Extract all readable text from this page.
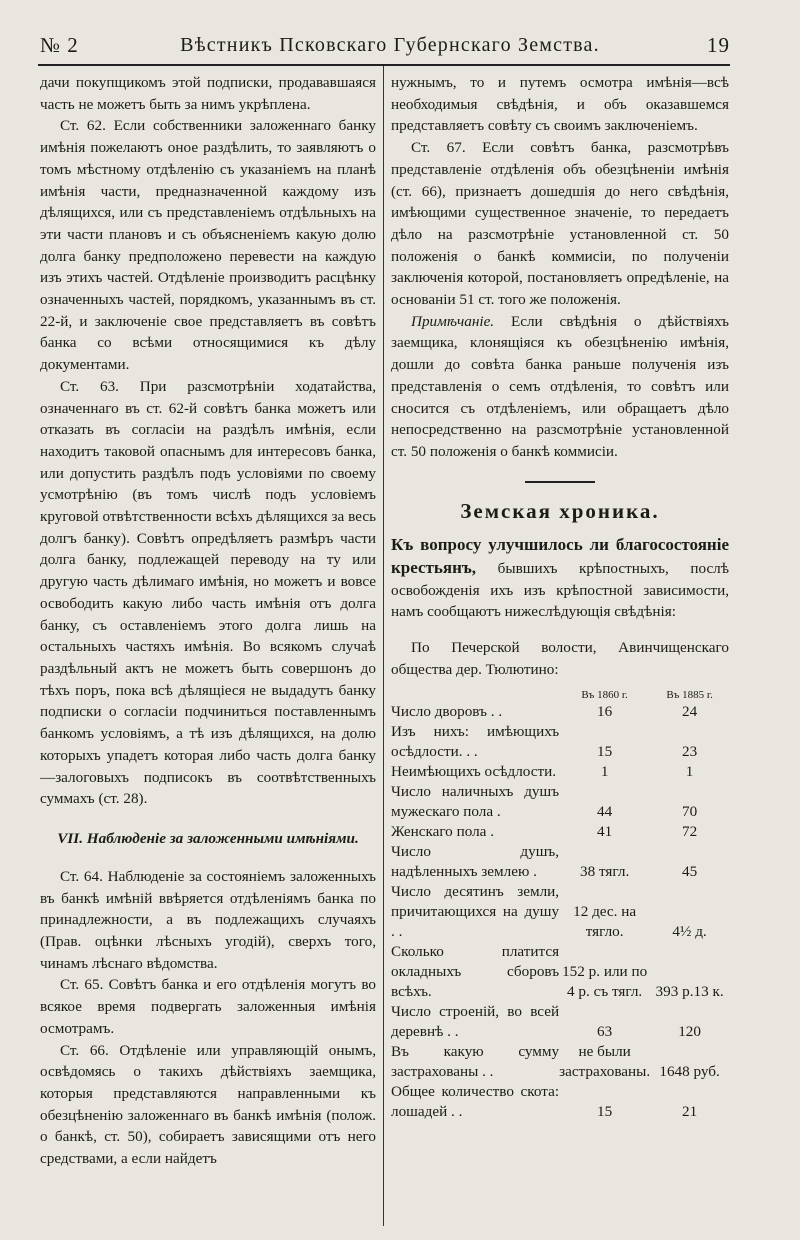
№ 2	Вѣстникъ Псковскаго Губернскаго Земства.	19

дачи покупщикомъ этой подписки, продававшаяся часть не можетъ быть за нимъ укрѣплена.

Ст. 62. Если собственники заложеннаго банку имѣнія пожелаютъ оное раздѣлить, то заявляютъ о томъ мѣстному отдѣленію съ указаніемъ на планѣ имѣнія части, предназначенной каждому изъ дѣлящихся, или съ представленіемъ отдѣльныхъ на эти части плановъ и съ объясненіемъ какую долю долга банку предположено перевести на каждую изъ этихъ частей. Отдѣленіе производитъ расцѣнку означенныхъ частей, порядкомъ, указаннымъ въ ст. 22-й, и заключеніе свое представляетъ въ совѣтъ банка со всѣми относящимися къ дѣлу документами.

Ст. 63. При разсмотрѣніи ходатайства, означеннаго въ ст. 62-й совѣтъ банка можетъ или отказать въ согласіи на раздѣлъ имѣнія, если находитъ таковой опаснымъ для интересовъ банка, или допустить раздѣлъ подъ условіями по своему усмотрѣнію (въ томъ числѣ подъ условіемъ круговой отвѣтственности всѣхъ дѣлящихся за весь долгъ банку). Совѣтъ опредѣляетъ размѣръ части долга банку, подлежащей переводу на ту или другую часть дѣлимаго имѣнія, но можетъ и вовсе освободить какую либо часть имѣнія отъ долга банку, съ оставленіемъ этого долга лишь на остальныхъ частяхъ имѣнія. Во всякомъ случаѣ раздѣльный актъ не можетъ быть совершонъ до тѣхъ поръ, пока всѣ дѣлящіеся не выдадутъ банку подписки о согласіи подчиниться поставленнымъ банкомъ условіямъ, а тѣ изъ дѣлящихся, на долю которыхъ упадетъ которая либо часть долга банку—залоговыхъ подписокъ въ соотвѣтственныхъ суммахъ (ст. 28).

VII. Наблюденіе за заложенными имѣніями.

Ст. 64. Наблюденіе за состояніемъ заложенныхъ въ банкѣ имѣній ввѣряется отдѣленіямъ банка по принадлежности, а въ подлежащихъ случаяхъ (Прав. оцѣнки лѣсныхъ угодій), сверхъ того, чинамъ лѣснаго вѣдомства.

Ст. 65. Совѣтъ банка и его отдѣленія могутъ во всякое время подвергать заложенныя имѣнія осмотрамъ.

Ст. 66. Отдѣленіе или управляющій онымъ, освѣдомясь о такихъ дѣйствіяхъ заемщика, которыя представляются направленными къ обезцѣненію заложеннаго въ банкѣ имѣнія (полож. о банкѣ, ст. 50), собираетъ зависящими отъ него средствами, а если найдетъ

нужнымъ, то и путемъ осмотра имѣнія—всѣ необходимыя свѣдѣнія, и объ оказавшемся представляетъ совѣту съ своимъ заключеніемъ.

Ст. 67. Если совѣтъ банка, разсмотрѣвъ представленіе отдѣленія объ обезцѣненіи имѣнія (ст. 66), признаетъ дошедшія до него свѣдѣнія, имѣющими существенное значеніе, то передаетъ дѣло на разсмотрѣніе установленной ст. 50 положенія о банкѣ коммисіи, по полученіи заключенія которой, постановляетъ опредѣленіе, на основаніи 51 ст. того же положенія.

Примѣчаніе. Если свѣдѣнія о дѣйствіяхъ заемщика, клонящіяся къ обезцѣненію имѣнія, дошли до совѣта банка раньше полученія изъ представленія о семъ отдѣленія, то совѣтъ или сносится съ отдѣленіемъ, или обращаетъ дѣло непосредственно на разсмотрѣніе установленной ст. 50 положенія о банкѣ коммисіи.

Земская хроника.

Къ вопросу улучшилось ли благосостояніе крестьянъ, бывшихъ крѣпостныхъ, послѣ освобожденія ихъ изъ крѣпостной зависимости, намъ сообщаютъ нижеслѣдующія свѣдѣнія:

По Печерской волости, Авинчищенскаго общества дер. Тюлютино:

	Въ 1860 г.	Въ 1885 г.
Число дворовъ . .	16	24
Изъ нихъ: имѣющихъ осѣдлости. . .	15	23
Неимѣющихъ осѣдлости.	1	1
Число наличныхъ душъ мужескаго пола .	44	70
Женскаго пола .	41	72
Число душъ, надѣленныхъ землею .	38 тягл.	45
Число десятинъ земли, причитающихся на душу . .	12 дес. на тягло.	4½ д.
Сколько платится окладныхъ сборовъ всѣхъ.	152 р. или по 4 р. съ тягл.	393 р.13 к.
Число строеній, во всей деревнѣ . .	63	120
Въ какую сумму застрахованы . .	не были застрахованы.	1648 руб.
Общее количество скота: лошадей . .	15	21
